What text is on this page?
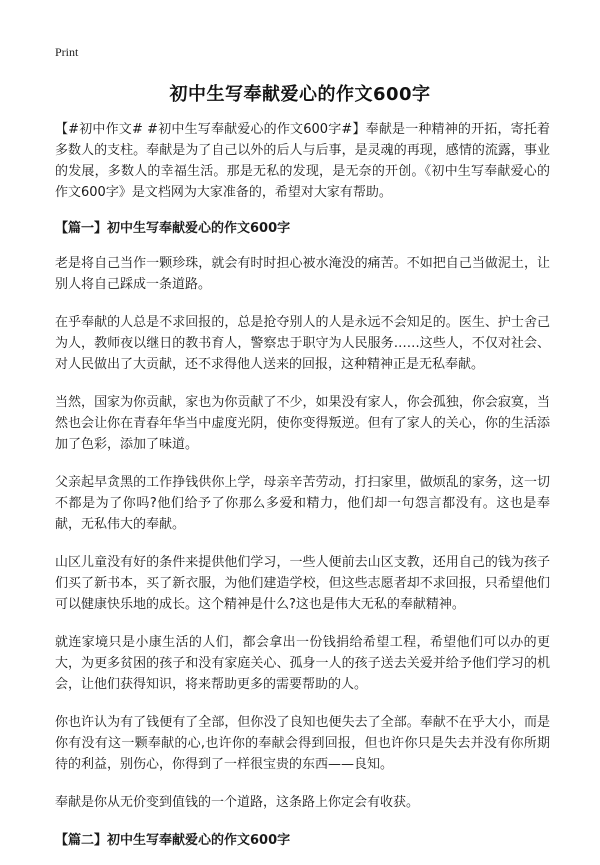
Print
初中生写奉献爱心的作文600字

【#初中作文# #初中生写奉献爱心的作文600字#】奉献是一种精神的开拓，寄托着多数人的支柱。奉献是为了自己以外的后人与后事，是灵魂的再现，感情的流露，事业的发展，多数人的幸福生活。那是无私的发现，是无奈的开创。《初中生写奉献爱心的作文600字》是文档网为大家准备的，希望对大家有帮助。

【篇一】初中生写奉献爱心的作文600字

老是将自己当作一颗珍珠，就会有时时担心被水淹没的痛苦。不如把自己当做泥土，让别人将自己踩成一条道路。

在乎奉献的人总是不求回报的，总是抢夺别人的人是永远不会知足的。医生、护士舍己为人，教师夜以继日的教书育人，警察忠于职守为人民服务……这些人，不仅对社会、对人民做出了大贡献，还不求得他人送来的回报，这种精神正是无私奉献。

当然，国家为你贡献，家也为你贡献了不少，如果没有家人，你会孤独，你会寂寞，当然也会让你在青春年华当中虚度光阴，使你变得叛逆。但有了家人的关心，你的生活添加了色彩，添加了味道。

父亲起早贪黑的工作挣钱供你上学，母亲辛苦劳动，打扫家里，做烦乱的家务，这一切不都是为了你吗?他们给予了你那么多爱和精力，他们却一句怨言都没有。这也是奉献，无私伟大的奉献。

山区儿童没有好的条件来提供他们学习，一些人便前去山区支教，还用自己的钱为孩子们买了新书本，买了新衣服，为他们建造学校，但这些志愿者却不求回报，只希望他们可以健康快乐地的成长。这个精神是什么?这也是伟大无私的奉献精神。

就连家境只是小康生活的人们，都会拿出一份钱捐给希望工程，希望他们可以办的更大，为更多贫困的孩子和没有家庭关心、孤身一人的孩子送去关爱并给予他们学习的机会，让他们获得知识，将来帮助更多的需要帮助的人。

你也许认为有了钱便有了全部，但你没了良知也便失去了全部。奉献不在乎大小，而是你有没有这一颗奉献的心,也许你的奉献会得到回报，但也许你只是失去并没有你所期待的利益，别伤心，你得到了一样很宝贵的东西——良知。

奉献是你从无价变到值钱的一个道路，这条路上你定会有收获。

【篇二】初中生写奉献爱心的作文600字
